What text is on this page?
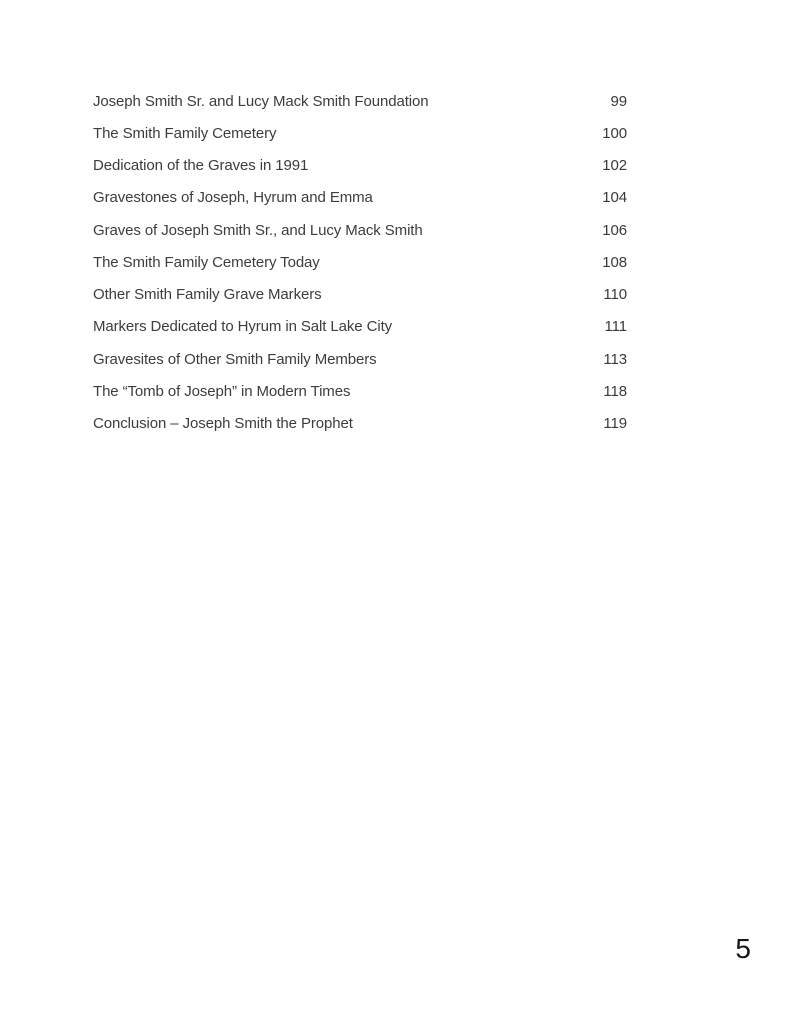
Joseph Smith Sr. and Lucy Mack Smith Foundation	99
The Smith Family Cemetery	100
Dedication of the Graves in 1991	102
Gravestones of Joseph, Hyrum and Emma	104
Graves of Joseph Smith Sr., and Lucy Mack Smith	106
The Smith Family Cemetery Today	108
Other Smith Family Grave Markers	110
Markers Dedicated to Hyrum in Salt Lake City	111
Gravesites of Other Smith Family Members	113
The “Tomb of Joseph” in Modern Times	118
Conclusion – Joseph Smith the Prophet	119
5
